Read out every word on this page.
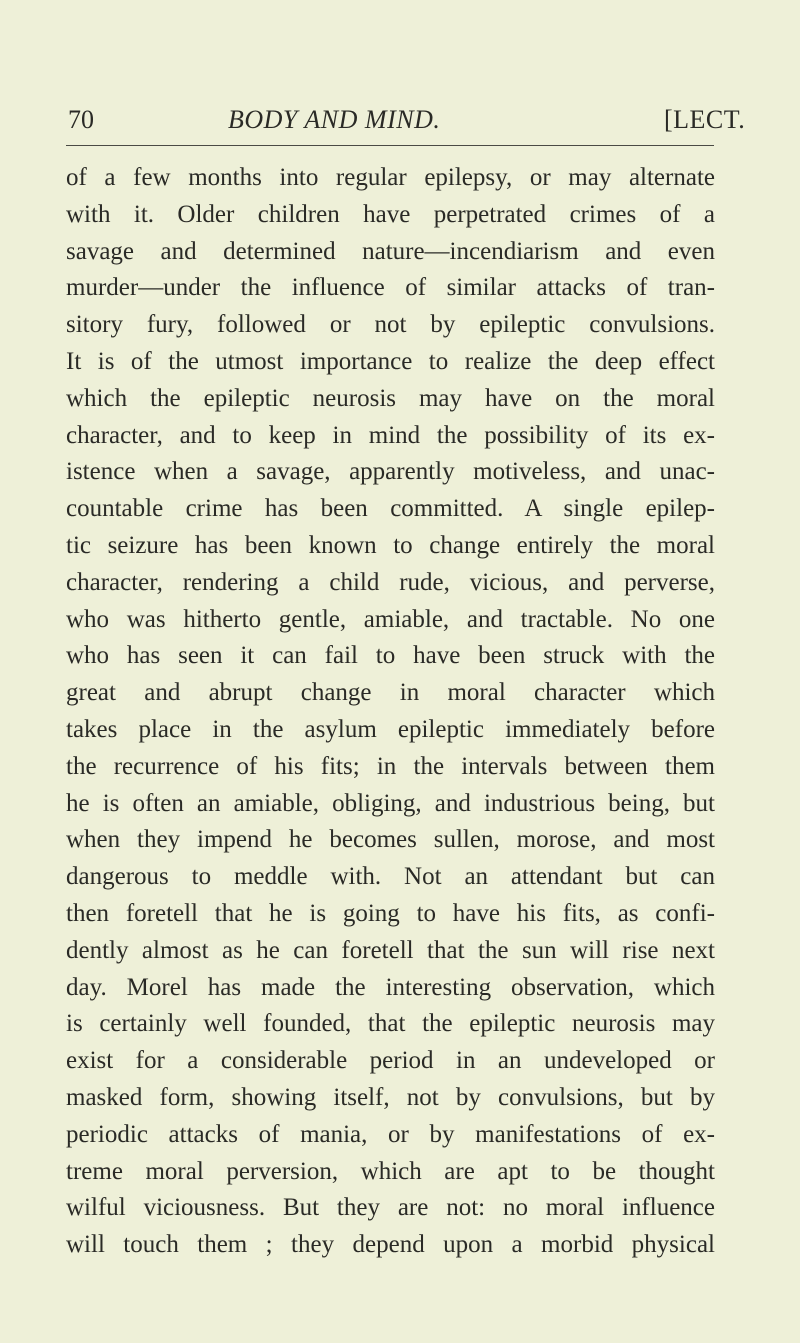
70	BODY AND MIND.	[LECT.
of a few months into regular epilepsy, or may alternate
with it. Older children have perpetrated crimes of a
savage and determined nature—incendiarism and even
murder—under the influence of similar attacks of tran-
sitory fury, followed or not by epileptic convulsions.
It is of the utmost importance to realize the deep effect
which the epileptic neurosis may have on the moral
character, and to keep in mind the possibility of its ex-
istence when a savage, apparently motiveless, and unac-
countable crime has been committed. A single epilep-
tic seizure has been known to change entirely the moral
character, rendering a child rude, vicious, and perverse,
who was hitherto gentle, amiable, and tractable. No one
who has seen it can fail to have been struck with the
great and abrupt change in moral character which
takes place in the asylum epileptic immediately before
the recurrence of his fits; in the intervals between them
he is often an amiable, obliging, and industrious being, but
when they impend he becomes sullen, morose, and most
dangerous to meddle with. Not an attendant but can
then foretell that he is going to have his fits, as confi-
dently almost as he can foretell that the sun will rise next
day. Morel has made the interesting observation, which
is certainly well founded, that the epileptic neurosis may
exist for a considerable period in an undeveloped or
masked form, showing itself, not by convulsions, but by
periodic attacks of mania, or by manifestations of ex-
treme moral perversion, which are apt to be thought
wilful viciousness. But they are not: no moral influence
will touch them ; they depend upon a morbid physical
